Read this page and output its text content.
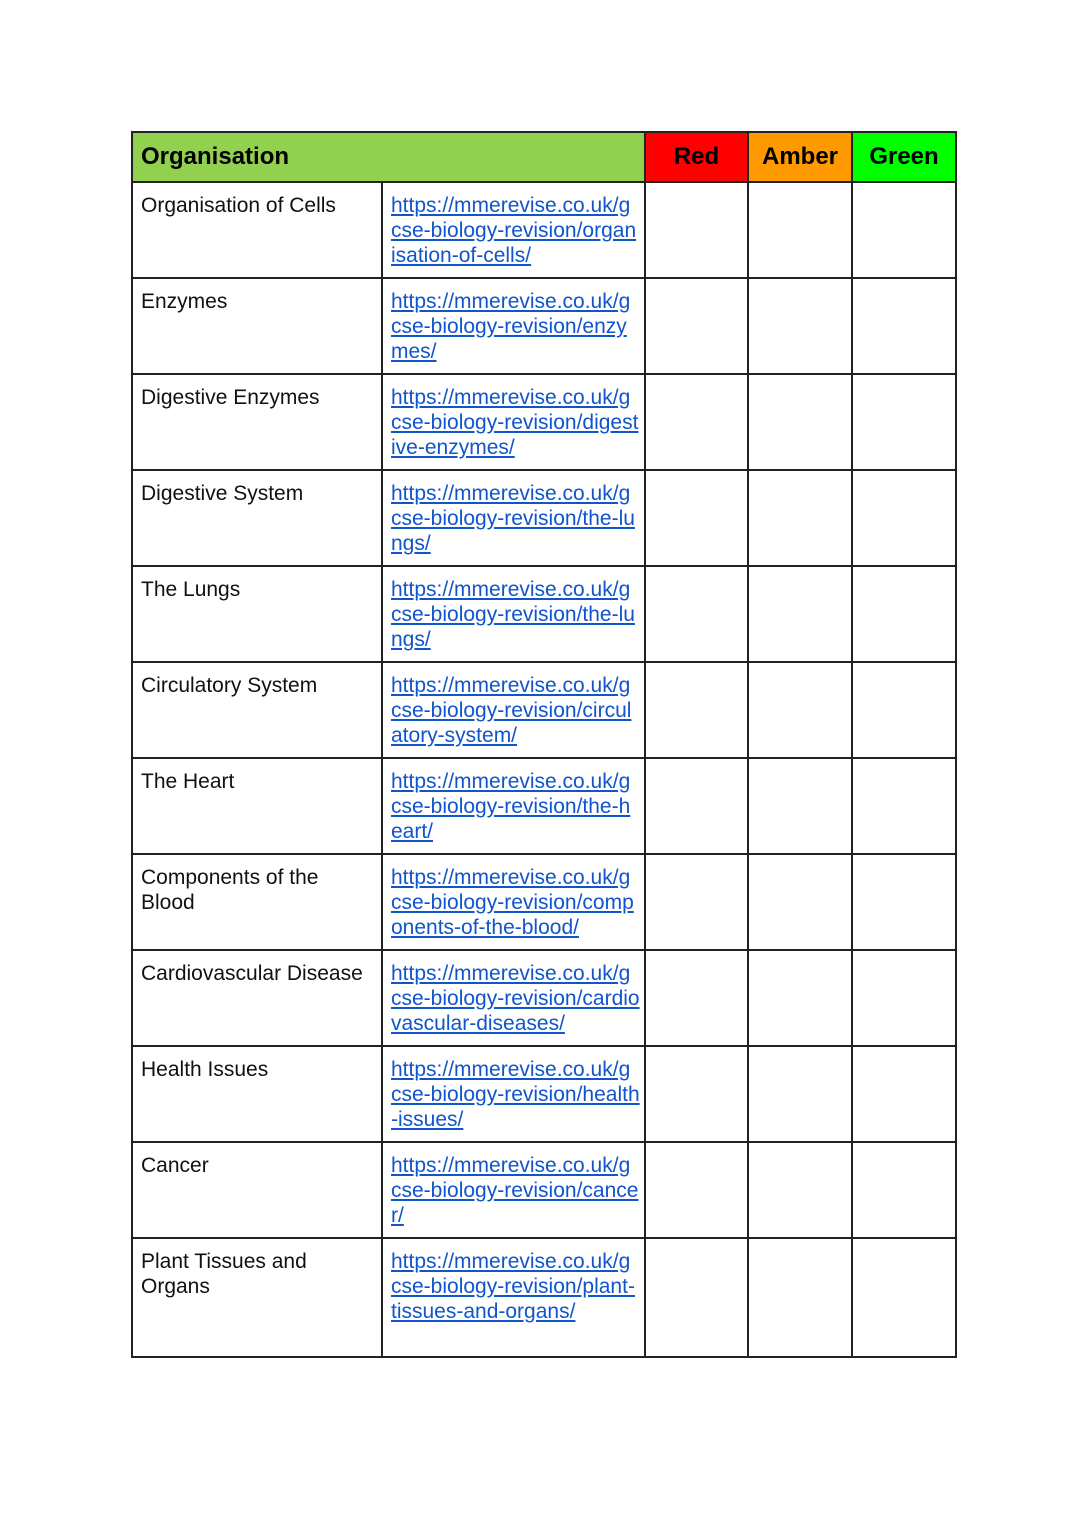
Organisation		Red	Amber	Green
Organisation of Cells	https://mmerevise.co.uk/gcse-biology-revision/organisation-of-cells/			

Enzymes	https://mmerevise.co.uk/gcse-biology-revision/enzymes/			

Digestive Enzymes	https://mmerevise.co.uk/gcse-biology-revision/digestive-enzymes/			

Digestive System	https://mmerevise.co.uk/gcse-biology-revision/the-lungs/			

The Lungs	https://mmerevise.co.uk/gcse-biology-revision/the-lungs/			

Circulatory System	https://mmerevise.co.uk/gcse-biology-revision/circulatory-system/			

The Heart	https://mmerevise.co.uk/gcse-biology-revision/the-heart/			

Components of the Blood	https://mmerevise.co.uk/gcse-biology-revision/components-of-the-blood/			

Cardiovascular Disease	https://mmerevise.co.uk/gcse-biology-revision/cardiovascular-diseases/			

Health Issues	https://mmerevise.co.uk/gcse-biology-revision/health-issues/			

Cancer	https://mmerevise.co.uk/gcse-biology-revision/cancer/			

Plant Tissues and Organs	https://mmerevise.co.uk/gcse-biology-revision/plant-tissues-and-organs/			
